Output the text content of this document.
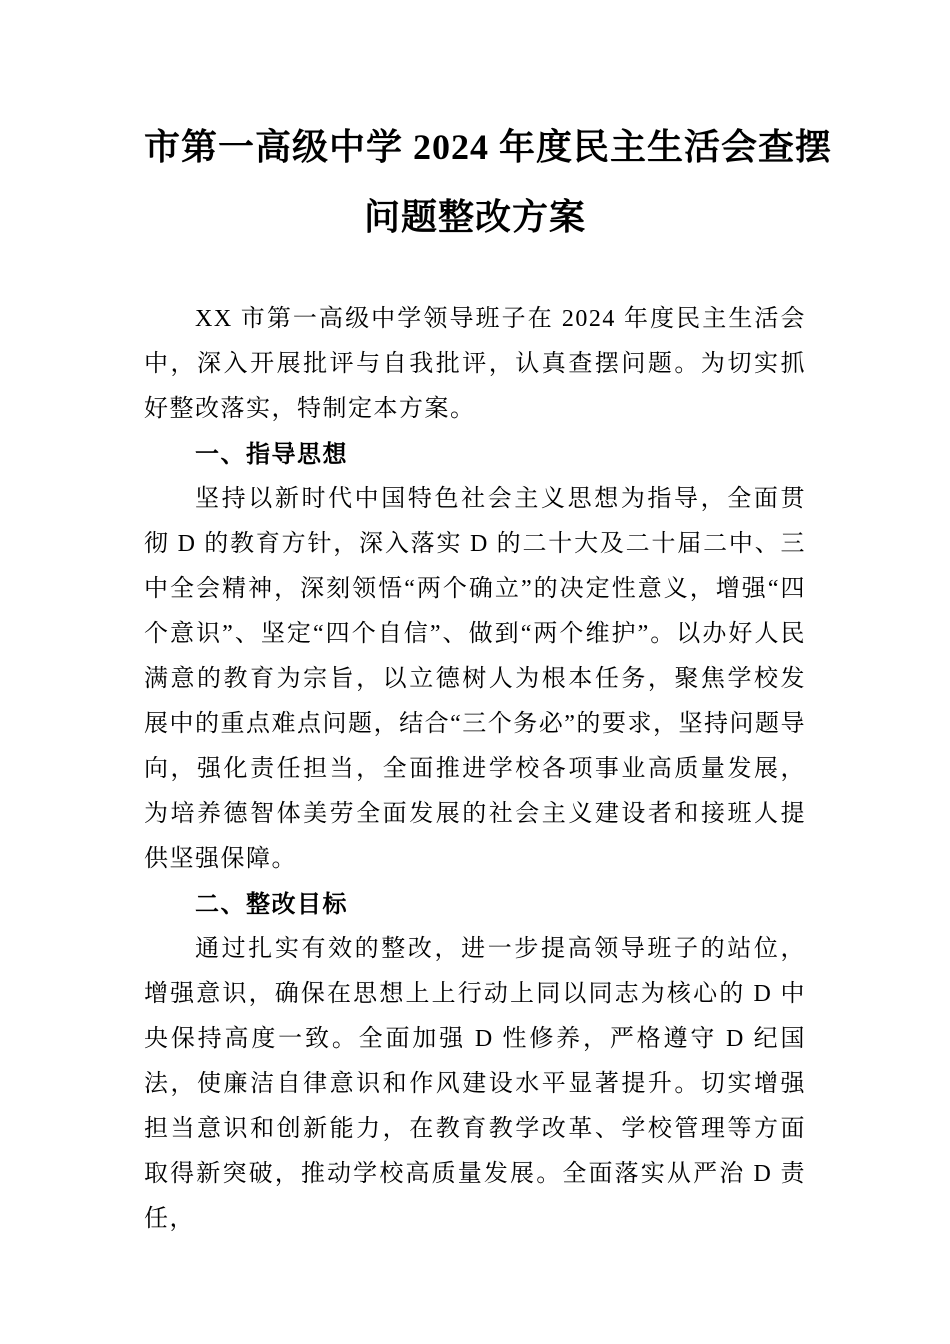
市第一高级中学 2024 年度民主生活会查摆
问题整改方案

XX 市第一高级中学领导班子在 2024 年度民主生活会中，深入开展批评与自我批评，认真查摆问题。为切实抓好整改落实，特制定本方案。

一、指导思想

坚持以新时代中国特色社会主义思想为指导，全面贯彻 D 的教育方针，深入落实 D 的二十大及二十届二中、三中全会精神，深刻领悟“两个确立”的决定性意义，增强“四个意识”、坚定“四个自信”、做到“两个维护”。以办好人民满意的教育为宗旨，以立德树人为根本任务，聚焦学校发展中的重点难点问题，结合“三个务必”的要求，坚持问题导向，强化责任担当，全面推进学校各项事业高质量发展，为培养德智体美劳全面发展的社会主义建设者和接班人提供坚强保障。

二、整改目标

通过扎实有效的整改，进一步提高领导班子的站位，增强意识，确保在思想上上行动上同以同志为核心的 D 中央保持高度一致。全面加强 D 性修养，严格遵守 D 纪国法，使廉洁自律意识和作风建设水平显著提升。切实增强担当意识和创新能力，在教育教学改革、学校管理等方面取得新突破，推动学校高质量发展。全面落实从严治 D 责任，
